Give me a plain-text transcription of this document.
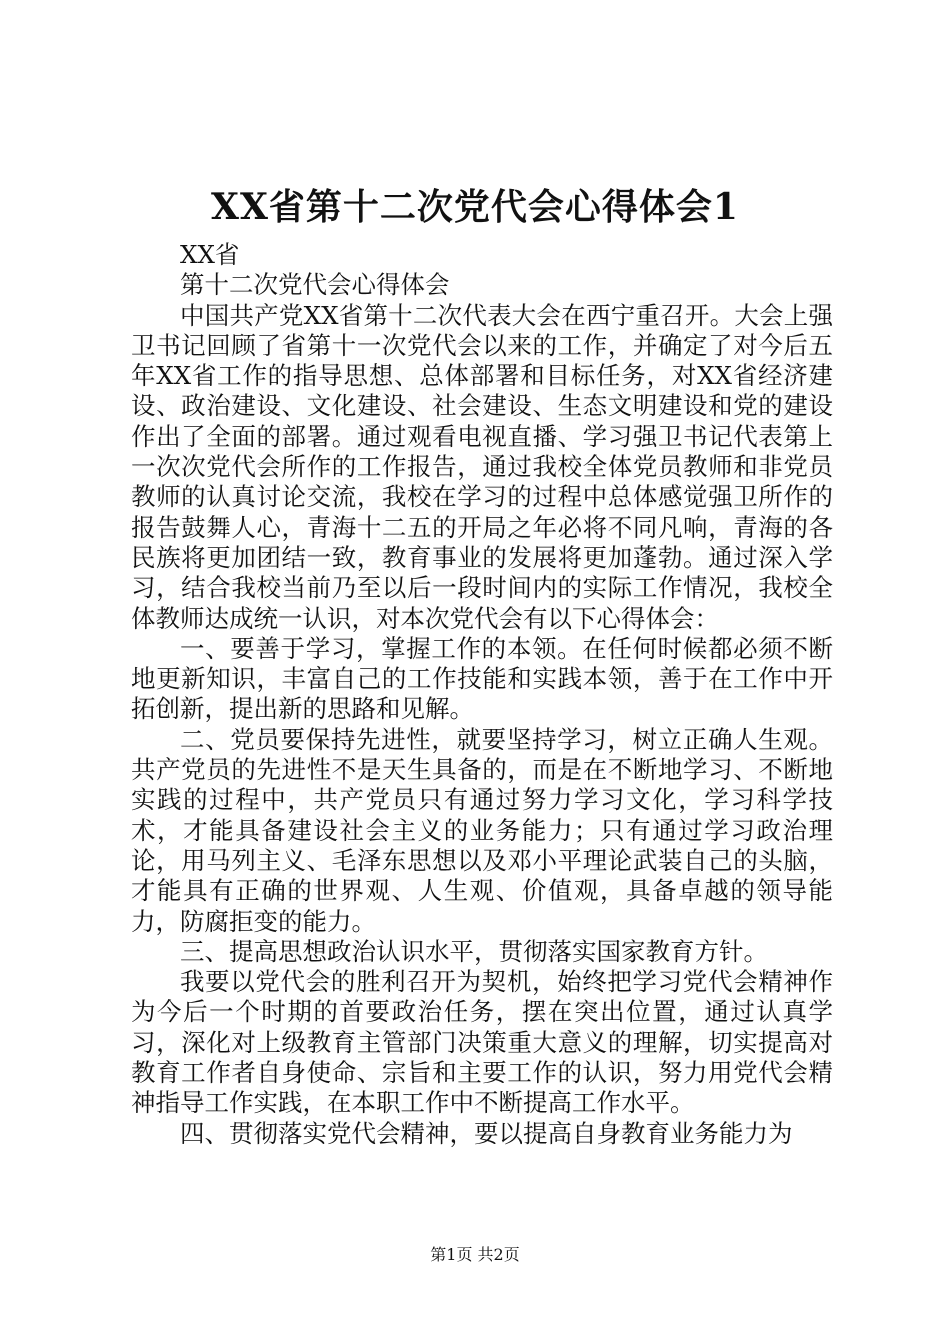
XX省第十二次党代会心得体会1

XX省

第十二次党代会心得体会

中国共产党XX省第十二次代表大会在西宁重召开。大会上强卫书记回顾了省第十一次党代会以来的工作，并确定了对今后五年XX省工作的指导思想、总体部署和目标任务，对XX省经济建设、政治建设、文化建设、社会建设、生态文明建设和党的建设作出了全面的部署。通过观看电视直播、学习强卫书记代表第上一次次党代会所作的工作报告，通过我校全体党员教师和非党员教师的认真讨论交流，我校在学习的过程中总体感觉强卫所作的报告鼓舞人心，青海十二五的开局之年必将不同凡响，青海的各民族将更加团结一致，教育事业的发展将更加蓬勃。通过深入学习，结合我校当前乃至以后一段时间内的实际工作情况，我校全体教师达成统一认识，对本次党代会有以下心得体会：

一、要善于学习，掌握工作的本领。在任何时候都必须不断地更新知识，丰富自己的工作技能和实践本领，善于在工作中开拓创新，提出新的思路和见解。

二、党员要保持先进性，就要坚持学习，树立正确人生观。共产党员的先进性不是天生具备的，而是在不断地学习、不断地实践的过程中，共产党员只有通过努力学习文化，学习科学技术，才能具备建设社会主义的业务能力；只有通过学习政治理论，用马列主义、毛泽东思想以及邓小平理论武装自己的头脑，才能具有正确的世界观、人生观、价值观，具备卓越的领导能力，防腐拒变的能力。

三、提高思想政治认识水平，贯彻落实国家教育方针。

我要以党代会的胜利召开为契机，始终把学习党代会精神作为今后一个时期的首要政治任务，摆在突出位置，通过认真学习，深化对上级教育主管部门决策重大意义的理解，切实提高对教育工作者自身使命、宗旨和主要工作的认识，努力用党代会精神指导工作实践，在本职工作中不断提高工作水平。

四、贯彻落实党代会精神，要以提高自身教育业务能力为

第1页 共2页
